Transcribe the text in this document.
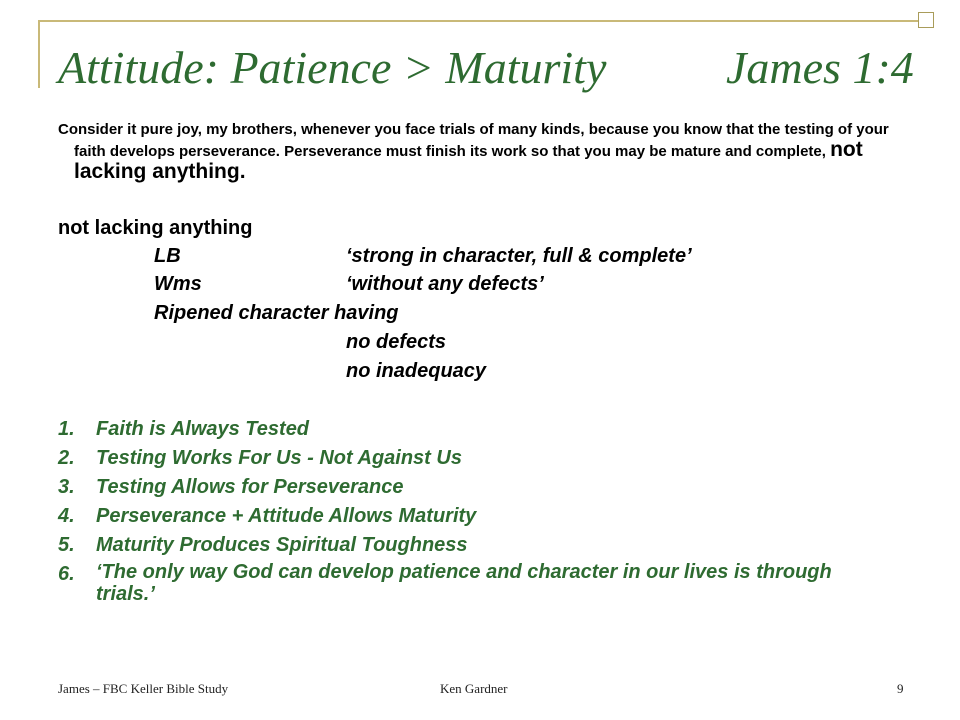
Attitude: Patience > Maturity	James 1:4
Consider it pure joy, my brothers, whenever you face trials of many kinds, because you know that the testing of your faith develops perseverance. Perseverance must finish its work so that you may be mature and complete, not lacking anything.
not lacking anything
LB	‘strong in character, full & complete’
Wms	‘without any defects’
Ripened character having
no defects
no inadequacy
1. Faith is Always Tested
2. Testing Works For Us - Not Against Us
3. Testing Allows for Perseverance
4. Perseverance + Attitude Allows Maturity
5. Maturity Produces Spiritual Toughness
6. ‘The only way God can develop patience and character in our lives is through trials.’
James – FBC Keller Bible Study	Ken Gardner	9
